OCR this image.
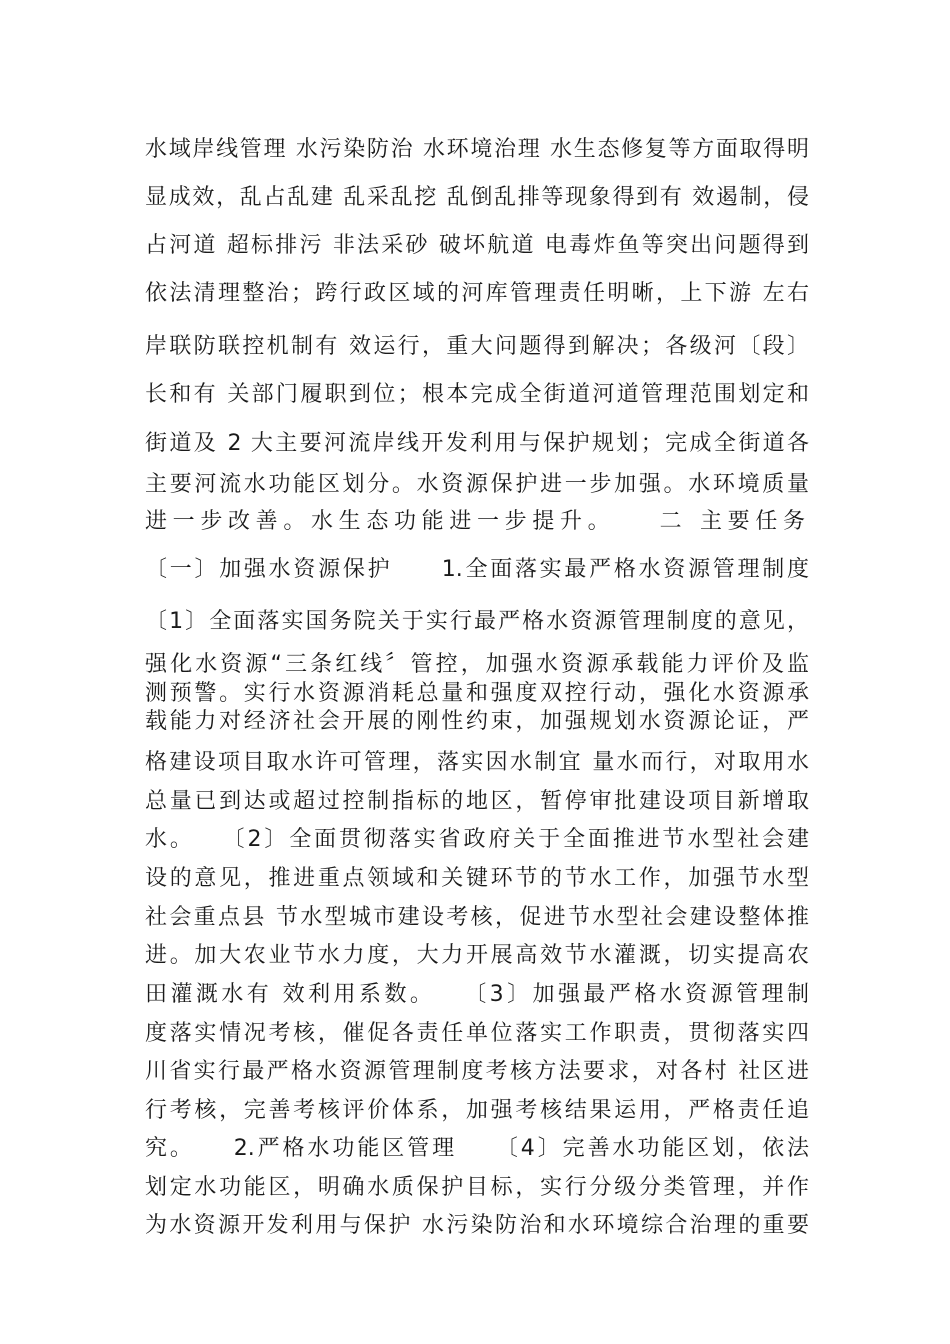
水域岸线管理 水污染防治 水环境治理 水生态修复等方面取得明
显成效，乱占乱建 乱采乱挖 乱倒乱排等现象得到有 效遏制，侵
占河道 超标排污 非法采砂 破坏航道 电毒炸鱼等突出问题得到
依法清理整治；跨行政区域的河库管理责任明晰，上下游 左右
岸联防联控机制有 效运行，重大问题得到解决；各级河〔段〕
长和有 关部门履职到位；根本完成全街道河道管理范围划定和
街道及 2 大主要河流岸线开发利用与保护规划；完成全街道各
主要河流水功能区划分。水资源保护进一步加强。水环境质量
进一步改善。水生态功能进一步提升。　　二 主要任务
〔一〕加强水资源保护　　1.全面落实最严格水资源管理制度
〔1〕全面落实国务院关于实行最严格水资源管理制度的意见，
强化水资源“三条红线〞管控，加强水资源承载能力评价及监
测预警。实行水资源消耗总量和强度双控行动，强化水资源承
载能力对经济社会开展的刚性约束，加强规划水资源论证，严
格建设项目取水许可管理，落实因水制宜 量水而行，对取用水
总量已到达或超过控制指标的地区，暂停审批建设项目新增取
水。　　〔2〕全面贯彻落实省政府关于全面推进节水型社会建
设的意见，推进重点领域和关键环节的节水工作，加强节水型
社会重点县 节水型城市建设考核，促进节水型社会建设整体推
进。加大农业节水力度，大力开展高效节水灌溉，切实提高农
田灌溉水有 效利用系数。　　〔3〕加强最严格水资源管理制
度落实情况考核，催促各责任单位落实工作职责，贯彻落实四
川省实行最严格水资源管理制度考核方法要求，对各村 社区进
行考核，完善考核评价体系，加强考核结果运用，严格责任追
究。　　2.严格水功能区管理　　〔4〕完善水功能区划，依法
划定水功能区，明确水质保护目标，实行分级分类管理，并作
为水资源开发利用与保护 水污染防治和水环境综合治理的重要
